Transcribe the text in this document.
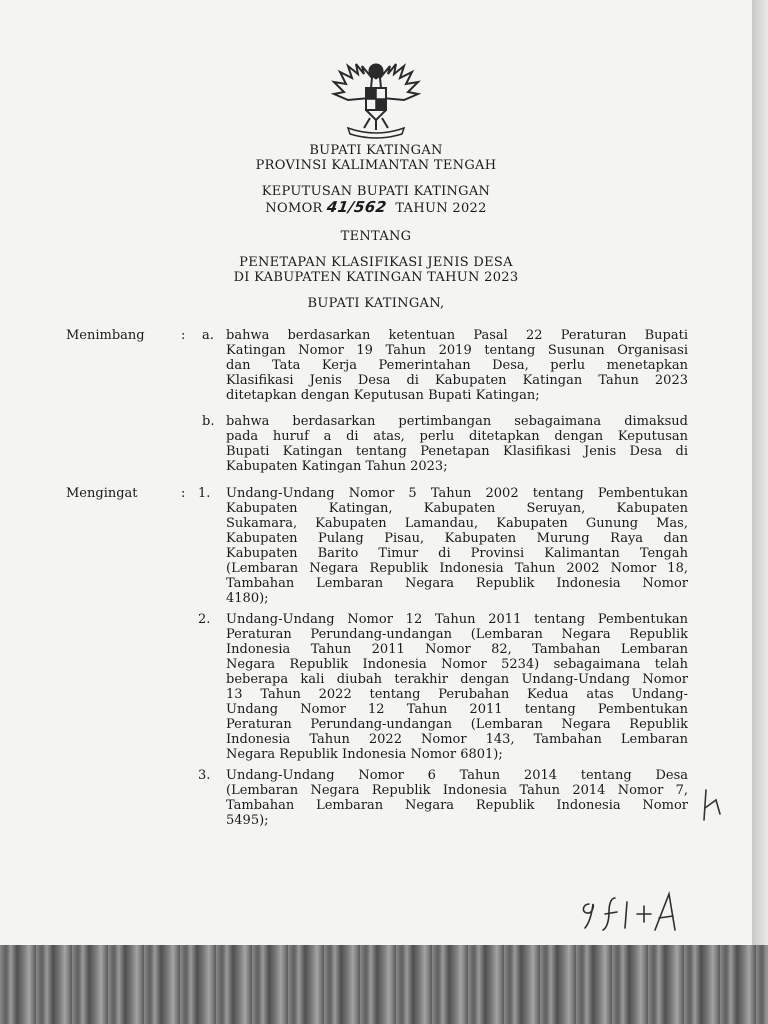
BUPATI KATINGAN
PROVINSI KALIMANTAN TENGAH
KEPUTUSAN BUPATI KATINGAN
NOMOR 41/562 TAHUN 2022
TENTANG
PENETAPAN KLASIFIKASI JENIS DESA
DI KABUPATEN KATINGAN TAHUN 2023
BUPATI KATINGAN,
Menimbang	: a. bahwa berdasarkan ketentuan Pasal 22 Peraturan Bupati
Katingan Nomor 19 Tahun 2019 tentang Susunan Organisasi
dan Tata Kerja Pemerintahan Desa, perlu menetapkan
Klasifikasi Jenis Desa di Kabupaten Katingan Tahun 2023
ditetapkan dengan Keputusan Bupati Katingan;
b. bahwa berdasarkan pertimbangan sebagaimana dimaksud
pada huruf a di atas, perlu ditetapkan dengan Keputusan
Bupati Katingan tentang Penetapan Klasifikasi Jenis Desa di
Kabupaten Katingan Tahun 2023;
Mengingat	: 1. Undang-Undang Nomor 5 Tahun 2002 tentang Pembentukan
Kabupaten Katingan, Kabupaten Seruyan, Kabupaten
Sukamara, Kabupaten Lamandau, Kabupaten Gunung Mas,
Kabupaten Pulang Pisau, Kabupaten Murung Raya dan
Kabupaten Barito Timur di Provinsi Kalimantan Tengah
(Lembaran Negara Republik Indonesia Tahun 2002 Nomor 18,
Tambahan Lembaran Negara Republik Indonesia Nomor
4180);
2. Undang-Undang Nomor 12 Tahun 2011 tentang Pembentukan
Peraturan Perundang-undangan (Lembaran Negara Republik
Indonesia Tahun 2011 Nomor 82, Tambahan Lembaran
Negara Republik Indonesia Nomor 5234) sebagaimana telah
beberapa kali diubah terakhir dengan Undang-Undang Nomor
13 Tahun 2022 tentang Perubahan Kedua atas Undang-
Undang Nomor 12 Tahun 2011 tentang Pembentukan
Peraturan Perundang-undangan (Lembaran Negara Republik
Indonesia Tahun 2022 Nomor 143, Tambahan Lembaran
Negara Republik Indonesia Nomor 6801);
3. Undang-Undang Nomor 6 Tahun 2014 tentang Desa
(Lembaran Negara Republik Indonesia Tahun 2014 Nomor 7,
Tambahan Lembaran Negara Republik Indonesia Nomor
5495);
